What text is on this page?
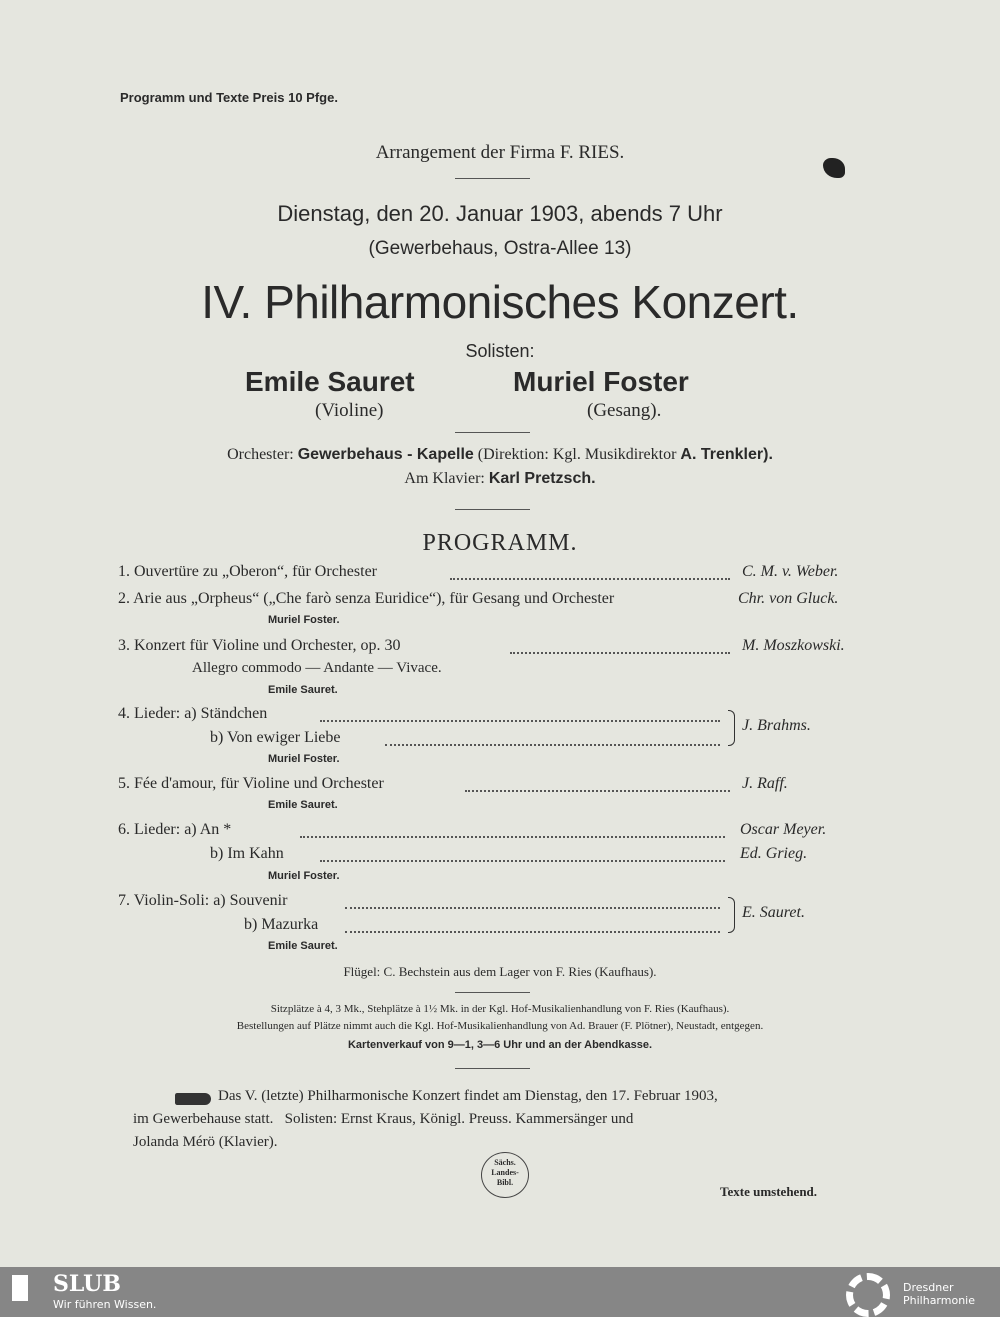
Programm und Texte Preis 10 Pfge.
Arrangement der Firma F. RIES.
Dienstag, den 20. Januar 1903, abends 7 Uhr
(Gewerbehaus, Ostra-Allee 13)
IV. Philharmonisches Konzert.
Solisten:
Emile Sauret
(Violine)
Muriel Foster
(Gesang).
Orchester: Gewerbehaus - Kapelle (Direktion: Kgl. Musikdirektor A. Trenkler).
Am Klavier: Karl Pretzsch.
PROGRAMM.
1. Ouvertüre zu „Oberon“, für Orchester	C. M. v. Weber.
2. Arie aus „Orpheus“ („Che farò senza Euridice“), für Gesang und Orchester	Chr. von Gluck.
Muriel Foster.
3. Konzert für Violine und Orchester, op. 30	M. Moszkowski.
Allegro commodo — Andante — Vivace.
Emile Sauret.
4. Lieder: a) Ständchen
b) Von ewiger Liebe
J. Brahms.
Muriel Foster.
5. Fée d'amour, für Violine und Orchester	J. Raff.
Emile Sauret.
6. Lieder: a) An *	Oscar Meyer.
b) Im Kahn	Ed. Grieg.
Muriel Foster.
7. Violin-Soli: a) Souvenir
b) Mazurka
E. Sauret.
Emile Sauret.
Flügel: C. Bechstein aus dem Lager von F. Ries (Kaufhaus).
Sitzplätze à 4, 3 Mk., Stehplätze à 1½ Mk. in der Kgl. Hof-Musikalienhandlung von F. Ries (Kaufhaus).
Bestellungen auf Plätze nimmt auch die Kgl. Hof-Musikalienhandlung von Ad. Brauer (F. Plötner), Neustadt, entgegen.
Kartenverkauf von 9—1, 3—6 Uhr und an der Abendkasse.
Das V. (letzte) Philharmonische Konzert findet am Dienstag, den 17. Februar 1903,
im Gewerbehause statt.   Solisten: Ernst Kraus, Königl. Preuss. Kammersänger und
Jolanda Mérö (Klavier).
Sächs.
Landes-
Bibl.
Texte umstehend.
SLUB
Wir führen Wissen.
Dresdner
Philharmonie
